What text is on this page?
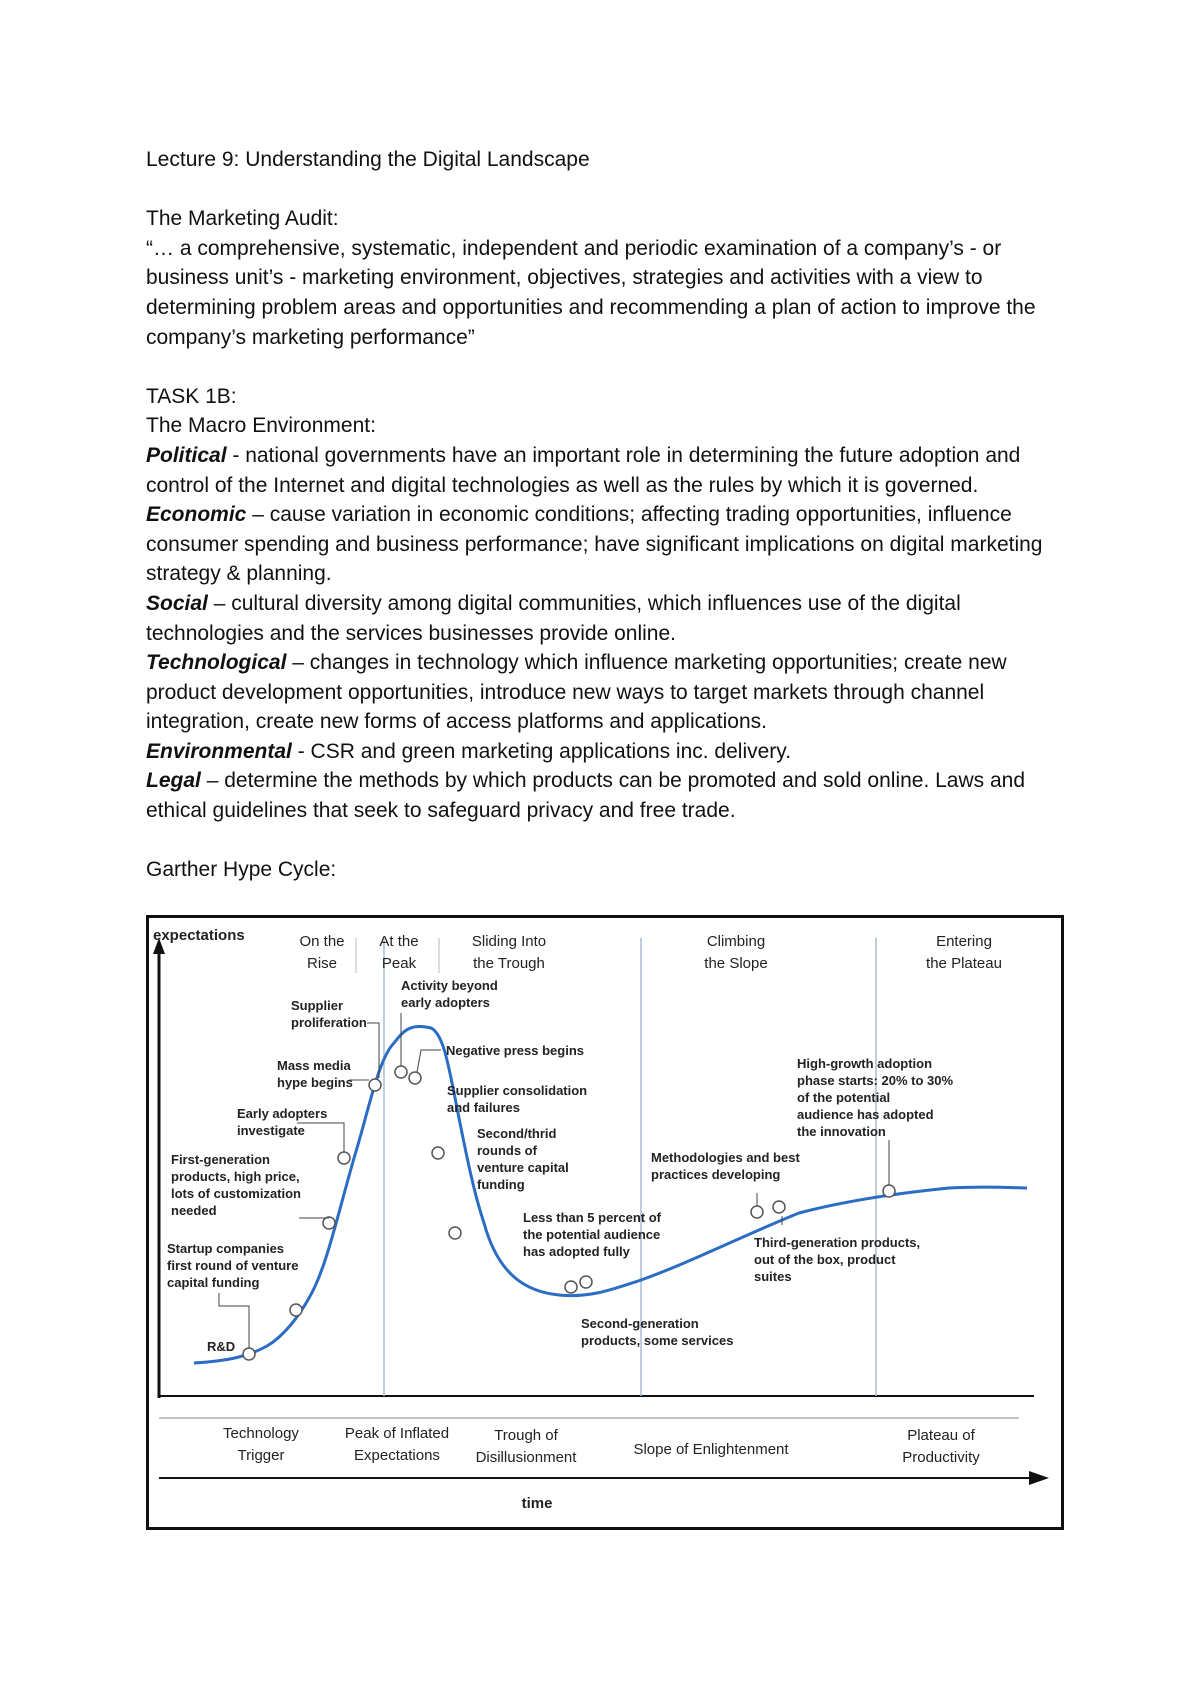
Lecture 9: Understanding the Digital Landscape

The Marketing Audit:

“… a comprehensive, systematic, independent and periodic examination of a company’s - or business unit’s - marketing environment, objectives, strategies and activities with a view to determining problem areas and opportunities and recommending a plan of action to improve the company’s marketing performance”

TASK 1B:

The Macro Environment:

Political - national governments have an important role in determining the future adoption and control of the Internet and digital technologies as well as the rules by which it is governed.

Economic – cause variation in economic conditions; affecting trading opportunities, influence consumer spending and business performance; have significant implications on digital marketing strategy & planning.

Social – cultural diversity among digital communities, which influences use of the digital technologies and the services businesses provide online.

Technological – changes in technology which influence marketing opportunities; create new product development opportunities, introduce new ways to target markets through channel integration, create new forms of access platforms and applications.

Environmental - CSR and green marketing applications inc. delivery.

Legal – determine the methods by which products can be promoted and sold online. Laws and ethical guidelines that seek to safeguard privacy and free trade.

Garther Hype Cycle:

expectations	On the
Rise
At the
Peak
Sliding Into
the Trough
Climbing
the Slope
Entering
the Plateau
R&D
Startup companies
first round of venture
capital funding
First-generation
products, high price,
lots of customization
needed
Early adopters
investigate
Mass media
hype begins
Supplier
proliferation
Activity beyond
early adopters
Negative press begins
Supplier consolidation
and failures
Second/thrid
rounds of
venture capital
funding
Less than 5 percent of
the potential audience
has adopted fully
Second-generation
products, some services
Methodologies and best
practices developing
Third-generation products,
out of the box, product
suites
High-growth adoption
phase starts: 20% to 30%
of the potential
audience has adopted
the innovation
Technology
Trigger
Peak of Inflated
Expectations
Trough of
Disillusionment	Slope of Enlightenment
Plateau of
Productivity
time
